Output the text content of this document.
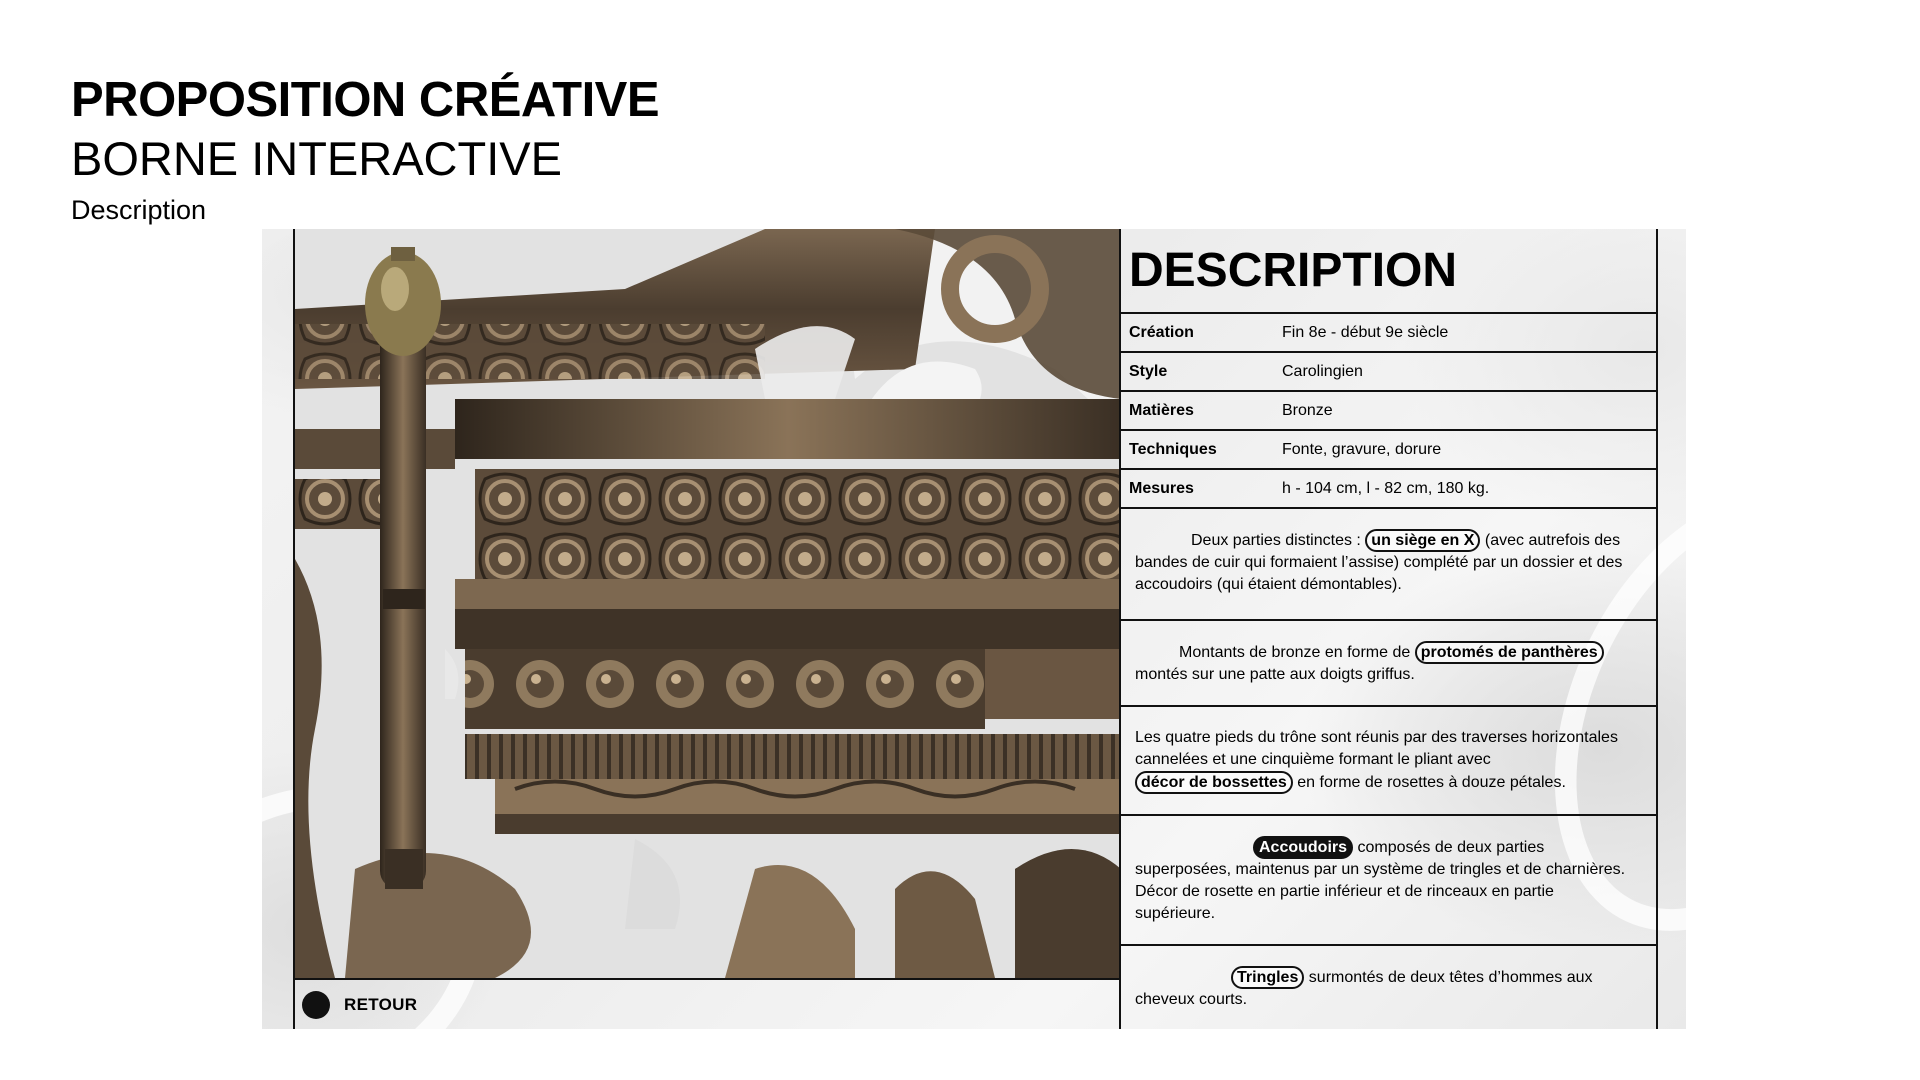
PROPOSITION CRÉATIVE
BORNE INTERACTIVE
Description
RETOUR
DESCRIPTION
Création	Fin 8e - début 9e siècle
Style	Carolingien
Matières	Bronze
Techniques	Fonte, gravure, dorure
Mesures	h - 104 cm, l - 82 cm, 180 kg.
Deux parties distinctes : un siège en X (avec autrefois des bandes de cuir qui formaient l’assise) complété par un dossier et des accoudoirs (qui étaient démontables).
Montants de bronze en forme de protomés de panthères montés sur une patte aux doigts griffus.
Les quatre pieds du trône sont réunis par des traverses horizontales cannelées et une cinquième formant le pliant avec décor de bossettes en forme de rosettes à douze pétales.
Accoudoirs composés de deux parties superposées, maintenus par un système de tringles et de charnières. Décor de rosette en partie inférieur et de rinceaux en partie supérieure.
Tringles surmontés de deux têtes d’hommes aux cheveux courts.
